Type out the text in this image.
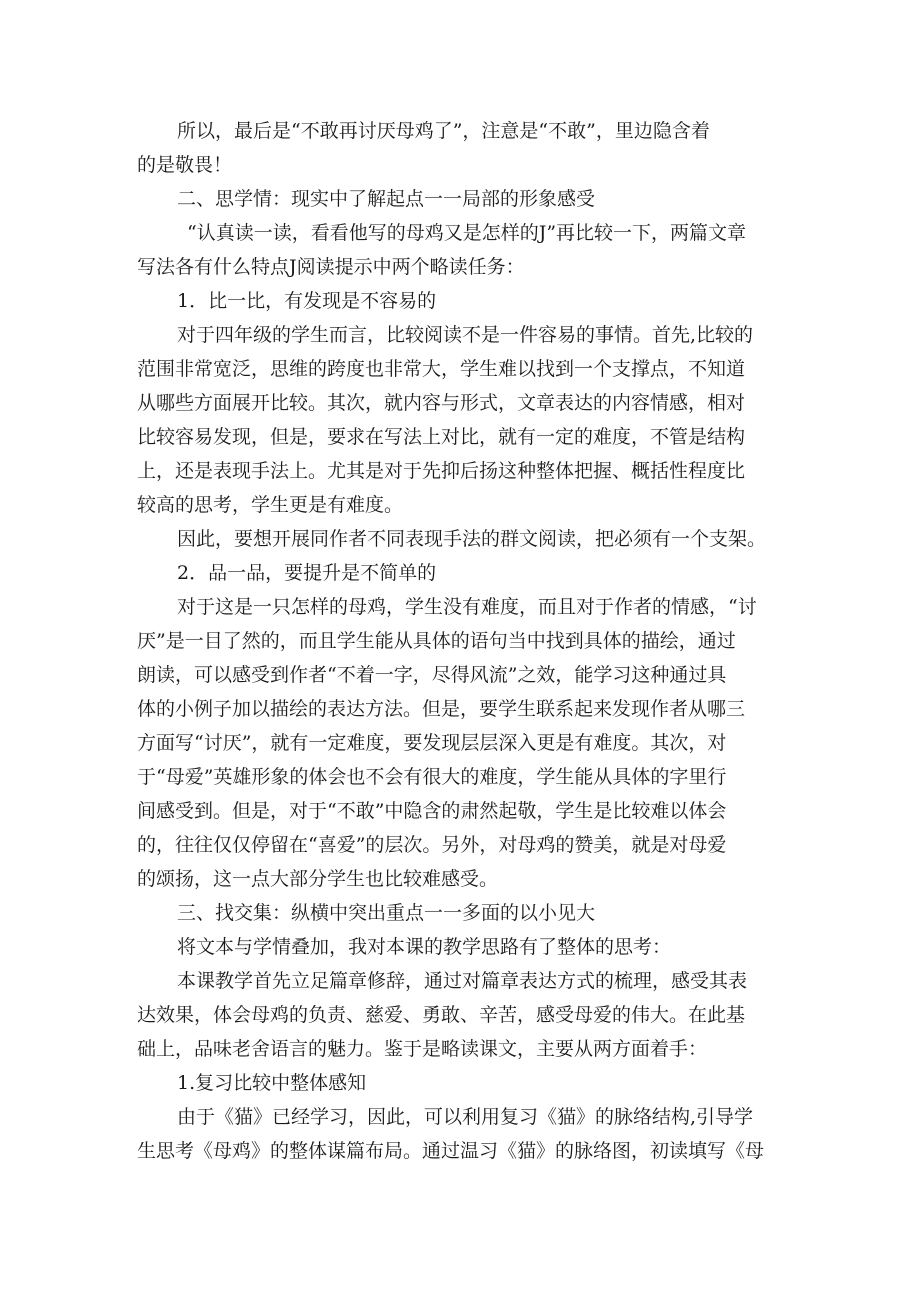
所以，最后是“不敢再讨厌母鸡了”，注意是“不敢”，里边隐含着
的是敬畏！
二、思学情：现实中了解起点一一局部的形象感受
“认真读一读，看看他写的母鸡又是怎样的J”再比较一下，两篇文章
写法各有什么特点J阅读提示中两个略读任务：
1．比一比，有发现是不容易的
对于四年级的学生而言，比较阅读不是一件容易的事情。首先,比较的
范围非常宽泛，思维的跨度也非常大，学生难以找到一个支撑点，不知道
从哪些方面展开比较。其次，就内容与形式，文章表达的内容情感，相对
比较容易发现，但是，要求在写法上对比，就有一定的难度，不管是结构
上，还是表现手法上。尤其是对于先抑后扬这种整体把握、概括性程度比
较高的思考，学生更是有难度。
因此，要想开展同作者不同表现手法的群文阅读，把必须有一个支架。
2．品一品，要提升是不简单的
对于这是一只怎样的母鸡，学生没有难度，而且对于作者的情感，“讨
厌”是一目了然的，而且学生能从具体的语句当中找到具体的描绘，通过
朗读，可以感受到作者“不着一字，尽得风流”之效，能学习这种通过具
体的小例子加以描绘的表达方法。但是，要学生联系起来发现作者从哪三
方面写“讨厌”，就有一定难度，要发现层层深入更是有难度。其次，对
于“母爱”英雄形象的体会也不会有很大的难度，学生能从具体的字里行
间感受到。但是，对于“不敢”中隐含的肃然起敬，学生是比较难以体会
的，往往仅仅停留在“喜爱”的层次。另外，对母鸡的赞美，就是对母爱
的颂扬，这一点大部分学生也比较难感受。
三、找交集：纵横中突出重点一一多面的以小见大
将文本与学情叠加，我对本课的教学思路有了整体的思考：
本课教学首先立足篇章修辞，通过对篇章表达方式的梳理，感受其表
达效果，体会母鸡的负责、慈爱、勇敢、辛苦，感受母爱的伟大。在此基
础上，品味老舍语言的魅力。鉴于是略读课文，主要从两方面着手：
1.复习比较中整体感知
由于《猫》已经学习，因此，可以利用复习《猫》的脉络结构,引导学
生思考《母鸡》的整体谋篇布局。通过温习《猫》的脉络图，初读填写《母
